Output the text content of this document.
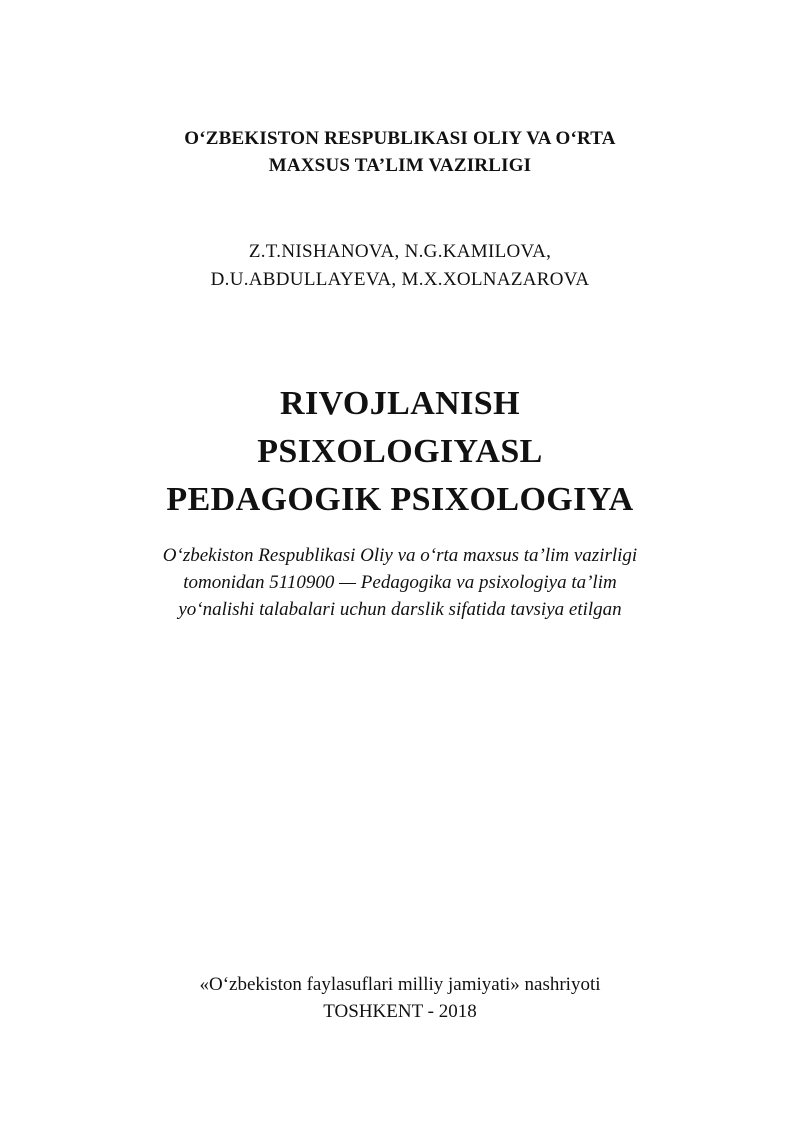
O‘ZBEKISTON RESPUBLIKASI OLIY VA O‘RTA
MAXSUS TA’LIM VAZIRLIGI
Z.T.NISHANOVA, N.G.KAMILOVA,
D.U.ABDULLAYEVA, M.X.XOLNAZAROVA
RIVOJLANISH
PSIXOLOGIYASL
PEDAGOGIK PSIXOLOGIYA
O‘zbekiston Respublikasi Oliy va o‘rta maxsus ta’lim vazirligi
tomonidan 5110900 — Pedagogika va psixologiya ta’lim
yo‘nalishi talabalari uchun darslik sifatida tavsiya etilgan
«O‘zbekiston faylasuflari milliy jamiyati» nashriyoti
TOSHKENT - 2018
